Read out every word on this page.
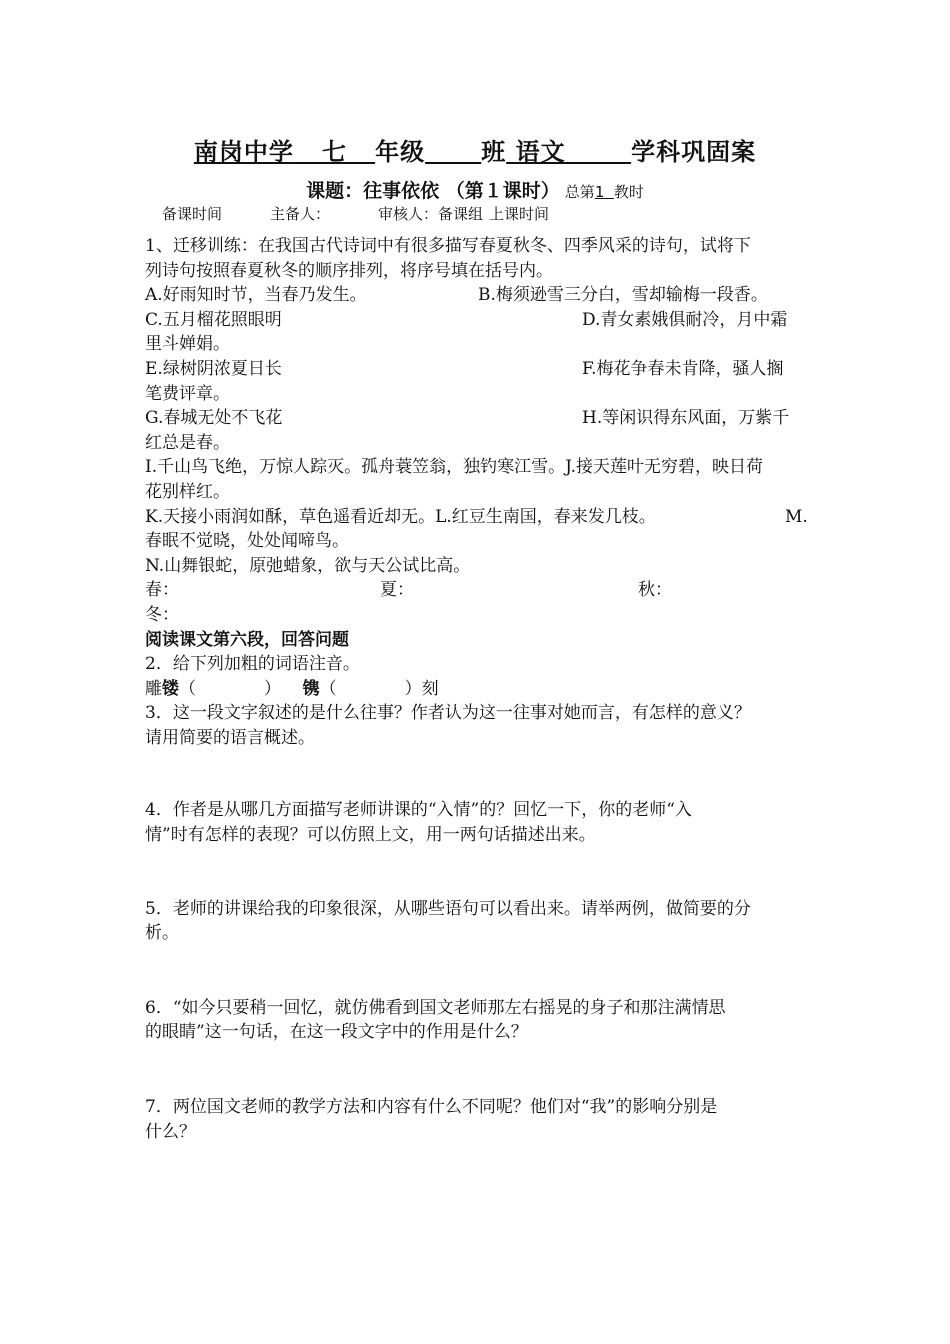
南岗中学 七 年级 班 语文	学科巩固案
课题：往事依依 （第１课时） 总第1 教时
备课时间	主备人：	审核人：备课组 上课时间
1、迁移训练：在我国古代诗词中有很多描写春夏秋冬、四季风采的诗句，试将下
列诗句按照春夏秋冬的顺序排列，将序号填在括号内。
A.好雨知时节，当春乃发生。	B.梅须逊雪三分白，雪却输梅一段香。
C.五月榴花照眼明	D.青女素娥俱耐冷，月中霜
里斗婵娟。
E.绿树阴浓夏日长	F.梅花争春未肯降，骚人搁
笔费评章。
G.春城无处不飞花	H.等闲识得东风面，万紫千
红总是春。
I.千山鸟飞绝，万惊人踪灭。孤舟蓑笠翁，独钓寒江雪。J.接天莲叶无穷碧，映日荷
花别样红。
K.天接小雨润如酥，草色遥看近却无。L.红豆生南国，春来发几枝。	M.
春眠不觉晓，处处闻啼鸟。
N.山舞银蛇，原弛蜡象，欲与天公试比高。
春：	夏：	秋：
冬：
阅读课文第六段，回答问题
2．给下列加粗的词语注音。
雕镂（　　　　） 镌（　　　　）刻
3．这一段文字叙述的是什么往事？作者认为这一往事对她而言，有怎样的意义？
请用简要的语言概述。
4．作者是从哪几方面描写老师讲课的“入情”的？回忆一下，你的老师“入
情”时有怎样的表现？可以仿照上文，用一两句话描述出来。
5．老师的讲课给我的印象很深，从哪些语句可以看出来。请举两例，做简要的分
析。
6．“如今只要稍一回忆，就仿佛看到国文老师那左右摇晃的身子和那注满情思
的眼睛”这一句话，在这一段文字中的作用是什么？
7．两位国文老师的教学方法和内容有什么不同呢？他们对“我”的影响分别是
什么？
